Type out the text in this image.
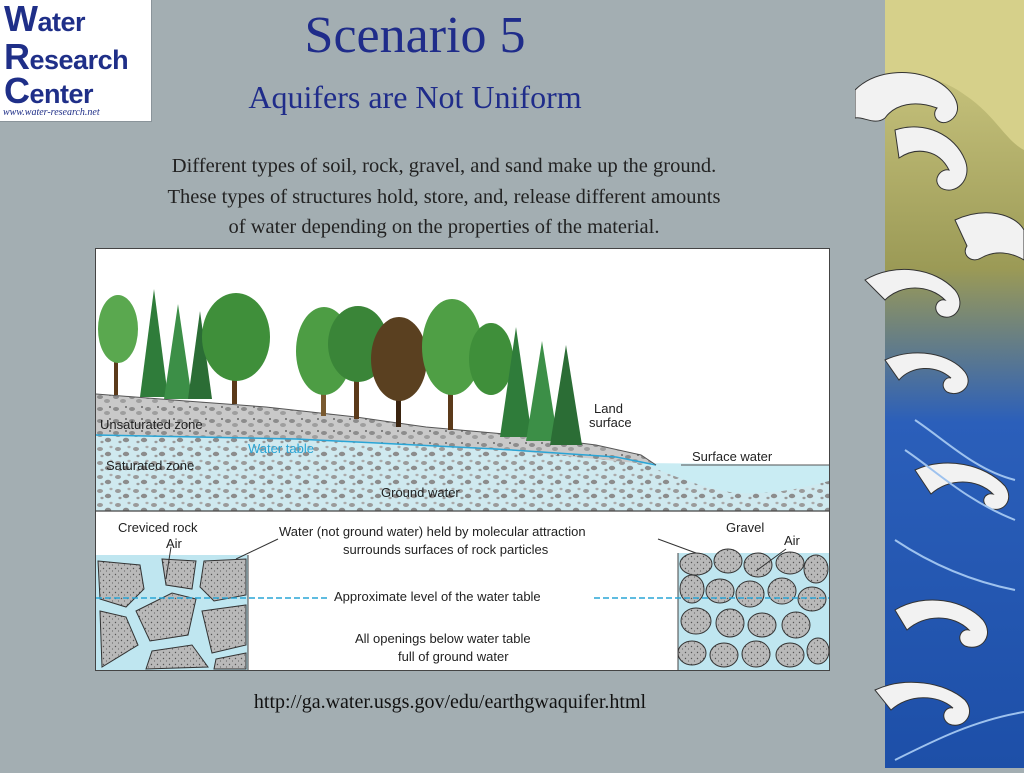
Water
Research
Center
www.water-research.net
Scenario 5
Aquifers are Not Uniform
Different types of soil, rock, gravel, and sand make up the ground.
These types of structures hold, store, and, release different amounts
of water depending on the properties of the material.
Unsaturated zone
Water table
Saturated zone
Land
surface
Surface water
Ground water
Creviced rock
Air
Gravel
Air
Water (not ground water) held by molecular attraction
surrounds surfaces of rock particles
Approximate level of the water table
All openings below water table
full of ground water
http://ga.water.usgs.gov/edu/earthgwaquifer.html
